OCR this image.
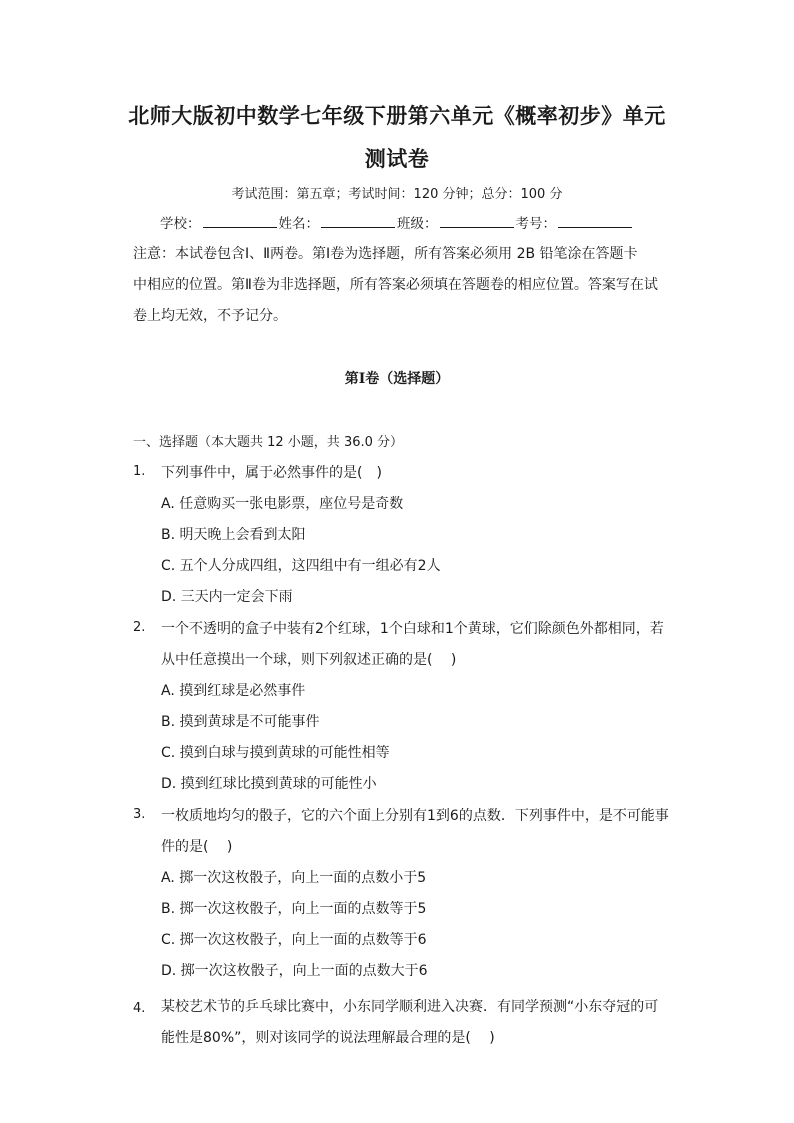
北师大版初中数学七年级下册第六单元《概率初步》单元
测试卷
考试范围：第五章；考试时间：120 分钟；总分：100 分
学校：	姓名：	班级：	考号：
注意：本试卷包含Ⅰ、Ⅱ两卷。第Ⅰ卷为选择题，所有答案必须用 2B 铅笔涂在答题卡
中相应的位置。第Ⅱ卷为非选择题，所有答案必须填在答题卷的相应位置。答案写在试
卷上均无效，不予记分。
第Ⅰ卷（选择题）
一、选择题（本大题共 12 小题，共 36.0 分）
1. 下列事件中，属于必然事件的是(　)
A. 任意购买一张电影票，座位号是奇数
B. 明天晚上会看到太阳
C. 五个人分成四组，这四组中有一组必有2人
D. 三天内一定会下雨
2. 一个不透明的盒子中装有2个红球，1个白球和1个黄球，它们除颜色外都相同，若
从中任意摸出一个球，则下列叙述正确的是(　 )
A. 摸到红球是必然事件
B. 摸到黄球是不可能事件
C. 摸到白球与摸到黄球的可能性相等
D. 摸到红球比摸到黄球的可能性小
3. 一枚质地均匀的骰子，它的六个面上分别有1到6的点数．下列事件中，是不可能事
件的是(　 )
A. 掷一次这枚骰子，向上一面的点数小于5
B. 掷一次这枚骰子，向上一面的点数等于5
C. 掷一次这枚骰子，向上一面的点数等于6
D. 掷一次这枚骰子，向上一面的点数大于6
4. 某校艺术节的乒乓球比赛中，小东同学顺利进入决赛．有同学预测“小东夺冠的可
能性是80%”，则对该同学的说法理解最合理的是(　 )
